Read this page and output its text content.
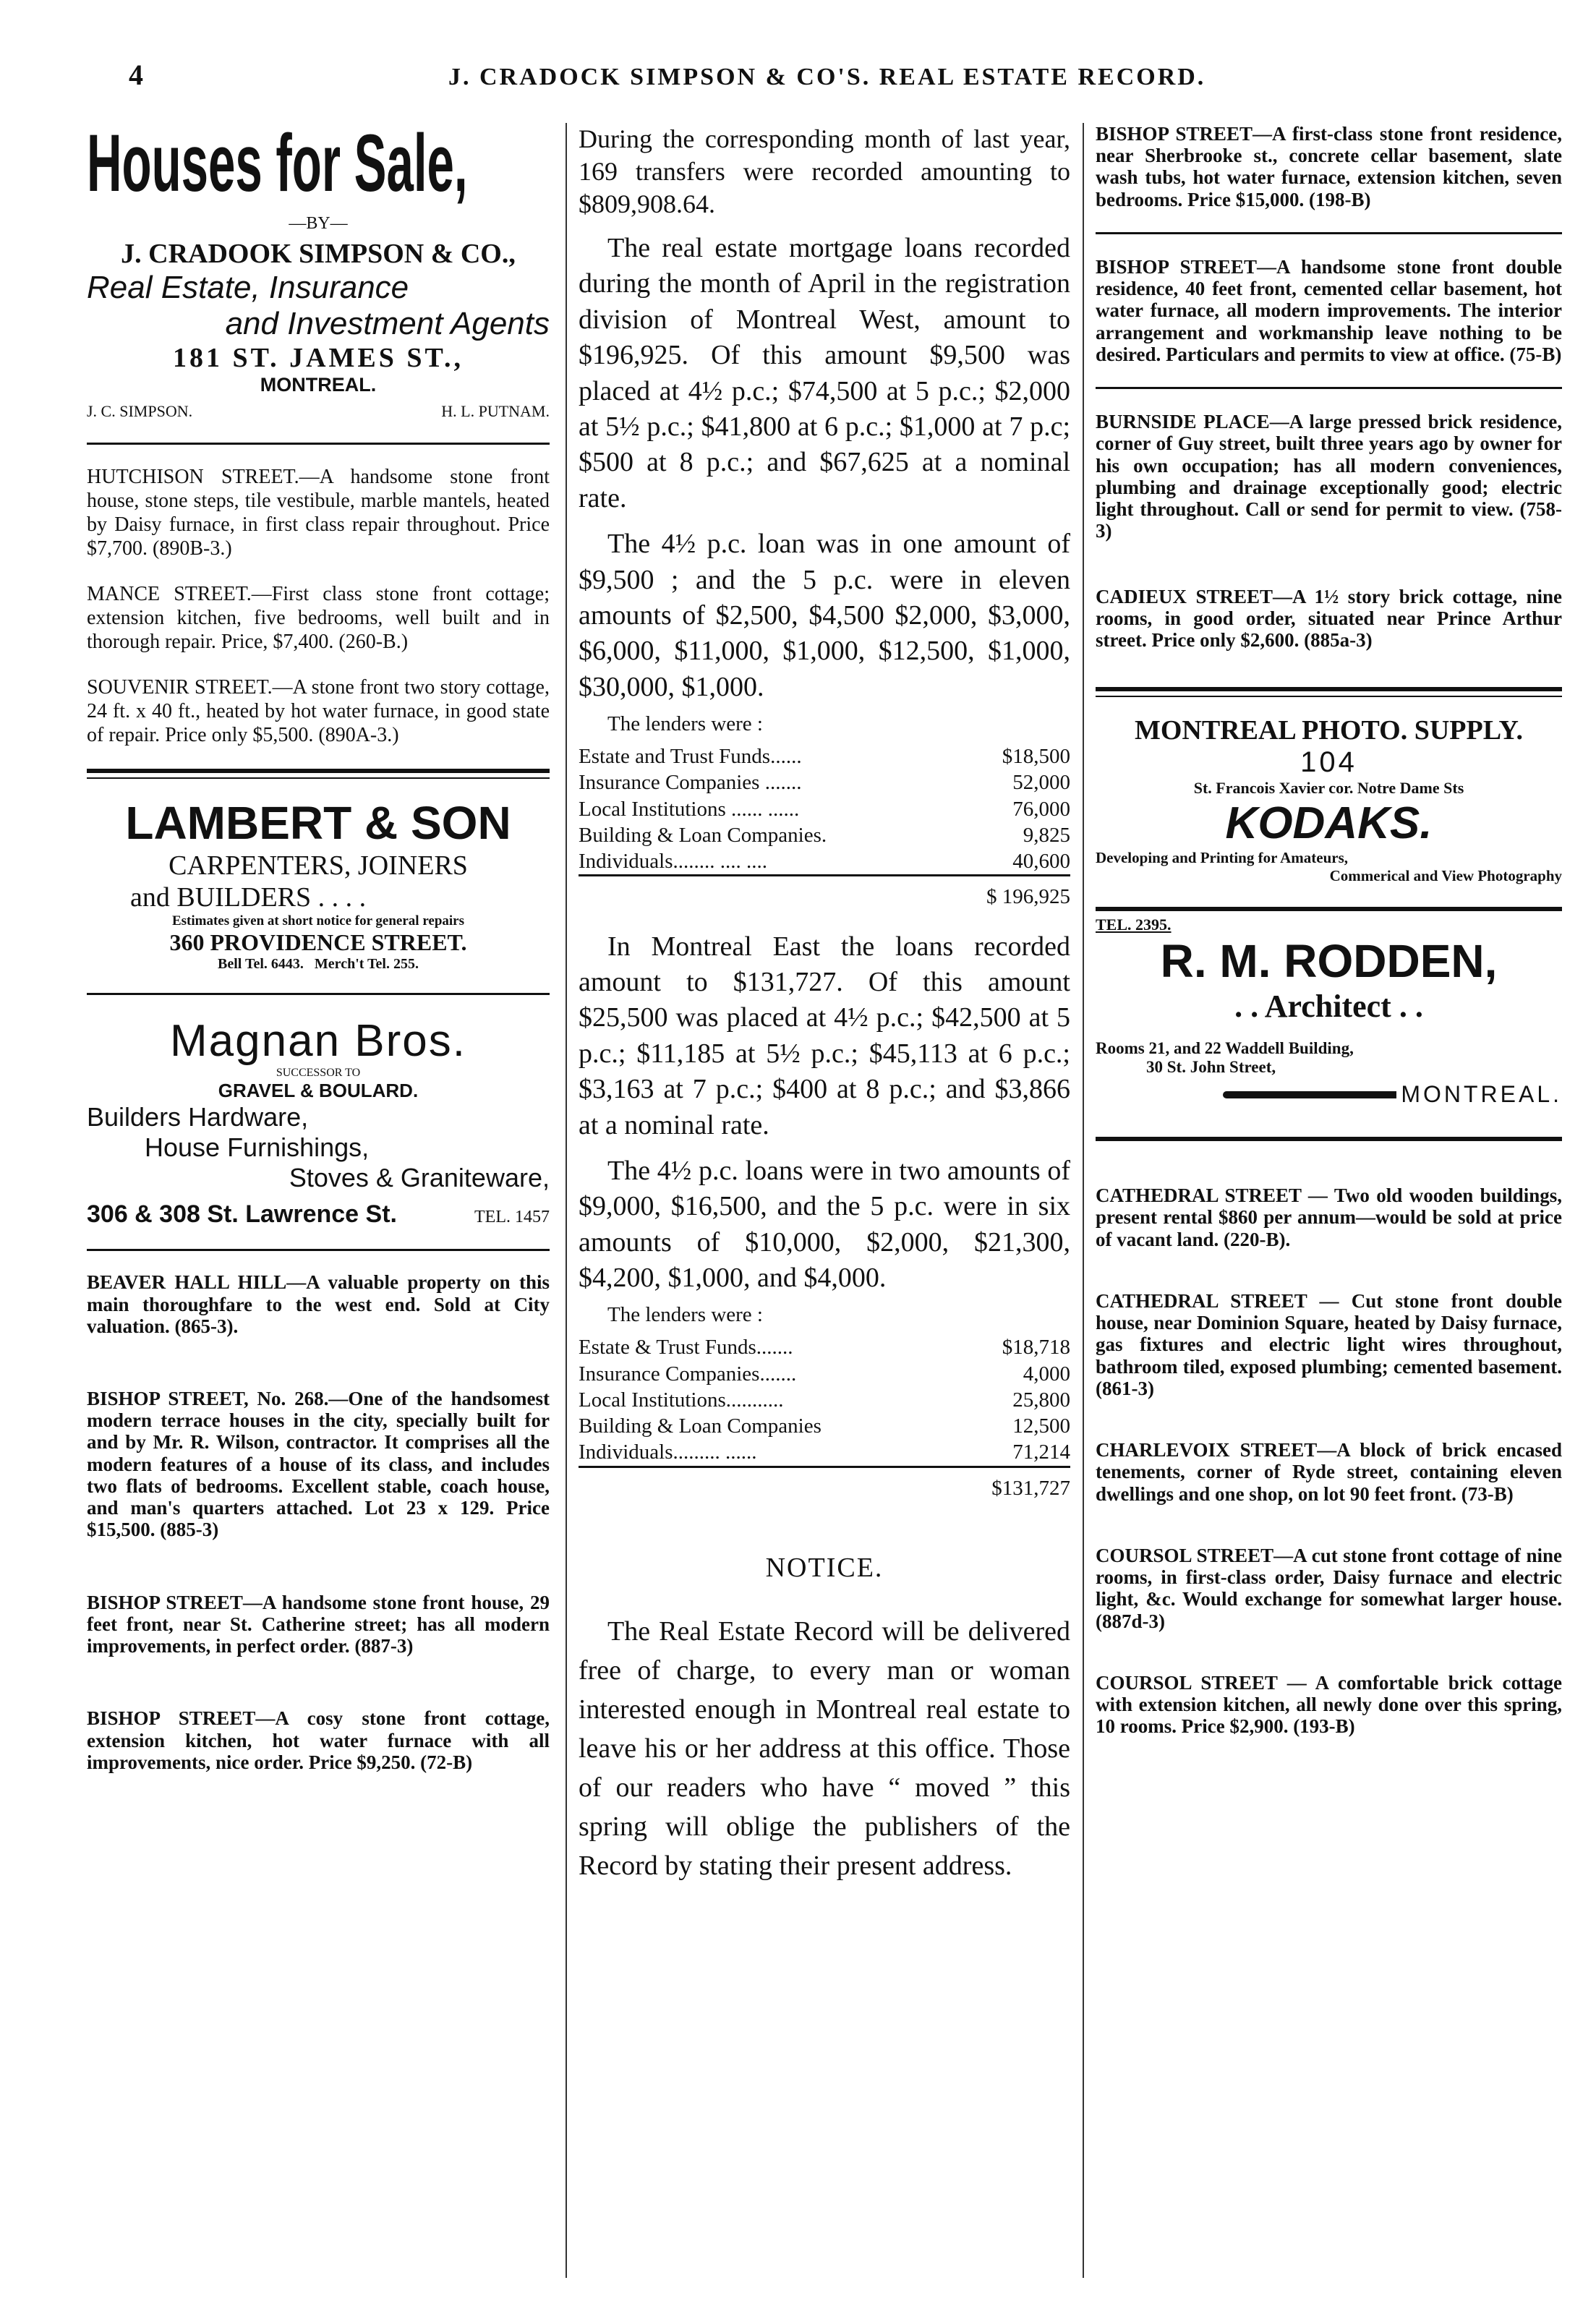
4	J. CRADOCK SIMPSON & CO'S. REAL ESTATE RECORD.
Houses for Sale,

—BY—

J. CRADOOK SIMPSON & CO.,

Real Estate, Insurance

and Investment Agents

181 ST. JAMES ST.,

MONTREAL.

J. C. SIMPSON.	H. L. PUTNAM.

HUTCHISON STREET.—A handsome stone front house, stone steps, tile vestibule, marble mantels, heated by Daisy furnace, in first class repair throughout. Price $7,700. (890B-3.)

MANCE STREET.—First class stone front cottage; extension kitchen, five bedrooms, well built and in thorough repair. Price, $7,400. (260-B.)

SOUVENIR STREET.—A stone front two story cottage, 24 ft. x 40 ft., heated by hot water furnace, in good state of repair. Price only $5,500. (890A-3.)

LAMBERT & SON

CARPENTERS, JOINERS

and BUILDERS . . . .

Estimates given at short notice for general repairs

360 PROVIDENCE STREET.

Bell Tel. 6443.   Merch't Tel. 255.

Magnan Bros.

SUCCESSOR TO

GRAVEL & BOULARD.

Builders Hardware,

House Furnishings,

Stoves & Graniteware,

306 & 308 St. Lawrence St.	TEL. 1457

BEAVER HALL HILL—A valuable property on this main thoroughfare to the west end. Sold at City valuation. (865-3).

BISHOP STREET, No. 268.—One of the handsomest modern terrace houses in the city, specially built for and by Mr. R. Wilson, contractor. It comprises all the modern features of a house of its class, and includes two flats of bedrooms. Excellent stable, coach house, and man's quarters attached. Lot 23 x 129. Price $15,500. (885-3)

BISHOP STREET—A handsome stone front house, 29 feet front, near St. Catherine street; has all modern improvements, in perfect order. (887-3)

BISHOP STREET—A cosy stone front cottage, extension kitchen, hot water furnace with all improvements, nice order. Price $9,250. (72-B)

During the corresponding month of last year, 169 transfers were recorded amounting to $809,908.64.

The real estate mortgage loans recorded during the month of April in the registration division of Montreal West, amount to $196,925. Of this amount $9,500 was placed at 4½ p.c.; $74,500 at 5 p.c.; $2,000 at 5½ p.c.; $41,800 at 6 p.c.; $1,000 at 7 p.c; $500 at 8 p.c.; and $67,625 at a nominal rate.

The 4½ p.c. loan was in one amount of $9,500 ; and the 5 p.c. were in eleven amounts of $2,500, $4,500 $2,000, $3,000, $6,000, $11,000, $1,000, $12,500, $1,000, $30,000, $1,000.

The lenders were :
Estate and Trust Funds......	$18,500
Insurance Companies .......	52,000
Local Institutions ...... ......	76,000
Building & Loan Companies.	9,825
Individuals........ .... ....	40,600
	$ 196,925

In Montreal East the loans recorded amount to $131,727. Of this amount $25,500 was placed at 4½ p.c.; $42,500 at 5 p.c.; $11,185 at 5½ p.c.; $45,113 at 6 p.c.; $3,163 at 7 p.c.; $400 at 8 p.c.; and $3,866 at a nominal rate.

The 4½ p.c. loans were in two amounts of $9,000, $16,500, and the 5 p.c. were in six amounts of $10,000, $2,000, $21,300, $4,200, $1,000, and $4,000.

The lenders were :
Estate & Trust Funds.......	$18,718
Insurance Companies.......	4,000
Local Institutions...........	25,800
Building & Loan Companies	12,500
Individuals......... ......	71,214
	$131,727
NOTICE.

The Real Estate Record will be delivered free of charge, to every man or woman interested enough in Montreal real estate to leave his or her address at this office. Those of our readers who have “ moved ” this spring will oblige the publishers of the Record by stating their present address.

BISHOP STREET—A first-class stone front residence, near Sherbrooke st., concrete cellar basement, slate wash tubs, hot water furnace, extension kitchen, seven bedrooms. Price $15,000. (198-B)

BISHOP STREET—A handsome stone front double residence, 40 feet front, cemented cellar basement, hot water furnace, all modern improvements. The interior arrangement and workmanship leave nothing to be desired. Particulars and permits to view at office. (75-B)

BURNSIDE PLACE—A large pressed brick residence, corner of Guy street, built three years ago by owner for his own occupation; has all modern conveniences, plumbing and drainage exceptionally good; electric light throughout. Call or send for permit to view. (758-3)

CADIEUX STREET—A 1½ story brick cottage, nine rooms, in good order, situated near Prince Arthur street. Price only $2,600. (885a-3)

MONTREAL PHOTO. SUPPLY.

104

St. Francois Xavier cor. Notre Dame Sts

KODAKS.

Developing and Printing for Amateurs,

Commerical and View Photography

TEL. 2395.

R. M. RODDEN,

. . Architect . .

Rooms 21, and 22 Waddell Building,

30 St. John Street,

MONTREAL.

CATHEDRAL STREET — Two old wooden buildings, present rental $860 per annum—would be sold at price of vacant land. (220-B).

CATHEDRAL STREET — Cut stone front double house, near Dominion Square, heated by Daisy furnace, gas fixtures and electric light wires throughout, bathroom tiled, exposed plumbing; cemented basement. (861-3)

CHARLEVOIX STREET—A block of brick encased tenements, corner of Ryde street, containing eleven dwellings and one shop, on lot 90 feet front. (73-B)

COURSOL STREET—A cut stone front cottage of nine rooms, in first-class order, Daisy furnace and electric light, &c. Would exchange for somewhat larger house. (887d-3)

COURSOL STREET — A comfortable brick cottage with extension kitchen, all newly done over this spring, 10 rooms. Price $2,900. (193-B)
